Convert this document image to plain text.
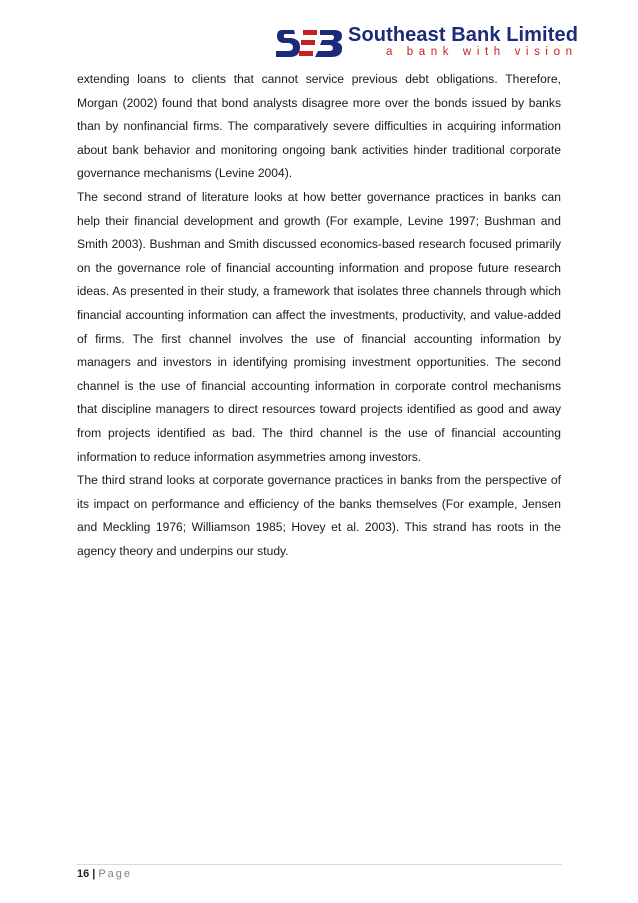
Southeast Bank Limited
a bank with vision

extending loans to clients that cannot service previous debt obligations. Therefore, Morgan (2002) found that bond analysts disagree more over the bonds issued by banks than by nonfinancial firms. The comparatively severe difficulties in acquiring information about bank behavior and monitoring ongoing bank activities hinder traditional corporate governance mechanisms (Levine 2004).

The second strand of literature looks at how better governance practices in banks can help their financial development and growth (For example, Levine 1997; Bushman and Smith 2003). Bushman and Smith discussed economics-based research focused primarily on the governance role of financial accounting information and propose future research ideas. As presented in their study, a framework that isolates three channels through which financial accounting information can affect the investments, productivity, and value-added of firms. The first channel involves the use of financial accounting information by managers and investors in identifying promising investment opportunities. The second channel is the use of financial accounting information in corporate control mechanisms that discipline managers to direct resources toward projects identified as good and away from projects identified as bad. The third channel is the use of financial accounting information to reduce information asymmetries among investors.

The third strand looks at corporate governance practices in banks from the perspective of its impact on performance and efficiency of the banks themselves (For example, Jensen and Meckling 1976; Williamson 1985; Hovey et al. 2003). This strand has roots in the agency theory and underpins our study.

16 | Page
